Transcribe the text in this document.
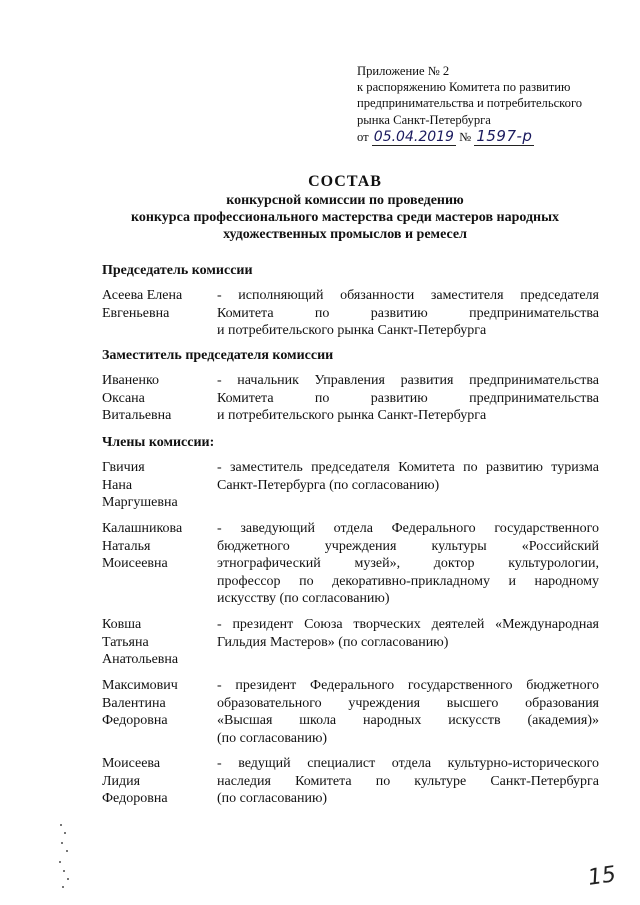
Приложение № 2
к распоряжению Комитета по развитию
предпринимательства и потребительского
рынка Санкт-Петербурга
от 05.04.2019 № 1597-р
СОСТАВ
конкурсной комиссии по проведению
конкурса профессионального мастерства среди мастеров народных
художественных промыслов и ремесел
Председатель комиссии
Асеева Елена
Евгеньевна
- исполняющий обязанности заместителя председателя
Комитета по развитию предпринимательства
и потребительского рынка Санкт-Петербурга
Заместитель председателя комиссии
Иваненко
Оксана
Витальевна
- начальник Управления развития предпринимательства
Комитета по развитию предпринимательства
и потребительского рынка Санкт-Петербурга
Члены комиссии:
Гвичия
Нана
Маргушевна
- заместитель председателя Комитета по развитию туризма
Санкт-Петербурга (по согласованию)
Калашникова
Наталья
Моисеевна
- заведующий отдела Федерального государственного
бюджетного учреждения культуры «Российский
этнографический музей», доктор культурологии,
профессор по декоративно-прикладному и народному
искусству (по согласованию)
Ковша
Татьяна
Анатольевна
- президент Союза творческих деятелей «Международная
Гильдия Мастеров» (по согласованию)
Максимович
Валентина
Федоровна
- президент Федерального государственного бюджетного
образовательного учреждения высшего образования
«Высшая школа народных искусств (академия)»
(по согласованию)
Моисеева
Лидия
Федоровна
- ведущий специалист отдела культурно-исторического
наследия Комитета по культуре Санкт-Петербурга
(по согласованию)
15
